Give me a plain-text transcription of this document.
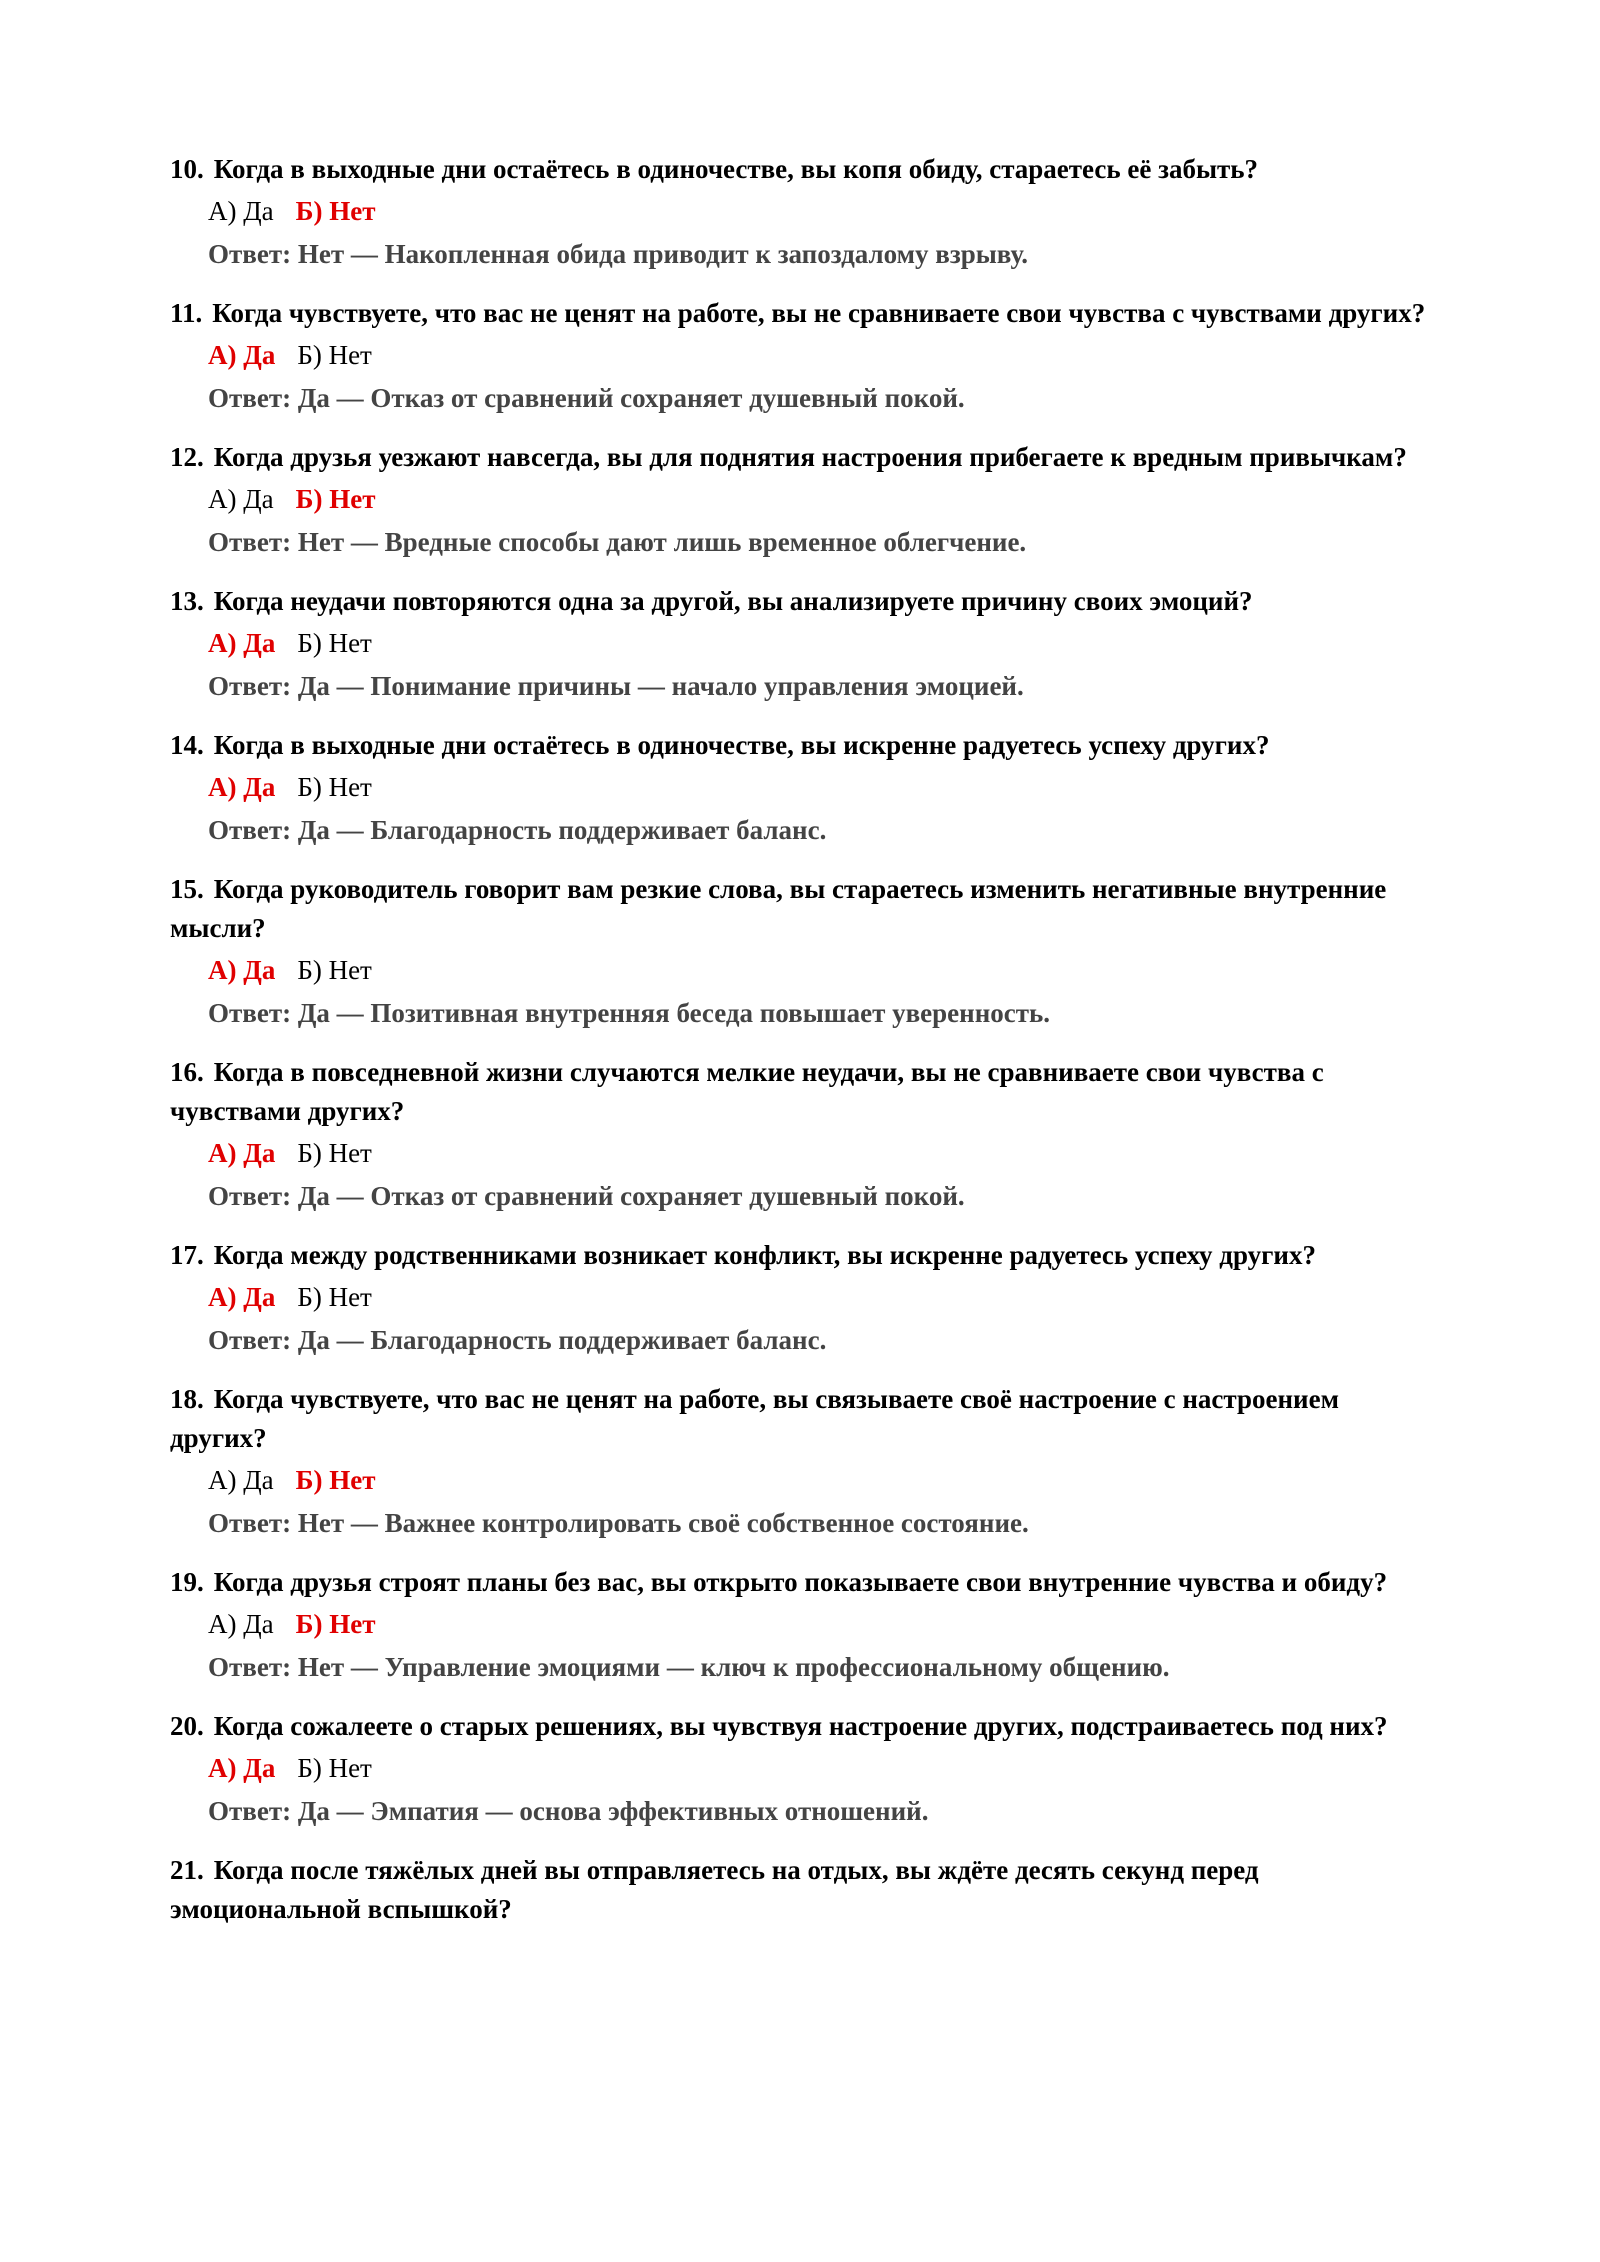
10. Когда в выходные дни остаётесь в одиночестве, вы копя обиду, стараетесь её забыть?

А) Да Б) Нет
Ответ: Нет — Накопленная обида приводит к запоздалому взрыву.

11. Когда чувствуете, что вас не ценят на работе, вы не сравниваете свои чувства с чувствами других?

А) Да Б) Нет
Ответ: Да — Отказ от сравнений сохраняет душевный покой.

12. Когда друзья уезжают навсегда, вы для поднятия настроения прибегаете к вредным привычкам?

А) Да Б) Нет
Ответ: Нет — Вредные способы дают лишь временное облегчение.

13. Когда неудачи повторяются одна за другой, вы анализируете причину своих эмоций?

А) Да Б) Нет
Ответ: Да — Понимание причины — начало управления эмоцией.

14. Когда в выходные дни остаётесь в одиночестве, вы искренне радуетесь успеху других?

А) Да Б) Нет
Ответ: Да — Благодарность поддерживает баланс.

15. Когда руководитель говорит вам резкие слова, вы стараетесь изменить негативные внутренние мысли?

А) Да Б) Нет
Ответ: Да — Позитивная внутренняя беседа повышает уверенность.

16. Когда в повседневной жизни случаются мелкие неудачи, вы не сравниваете свои чувства с чувствами других?

А) Да Б) Нет
Ответ: Да — Отказ от сравнений сохраняет душевный покой.

17. Когда между родственниками возникает конфликт, вы искренне радуетесь успеху других?

А) Да Б) Нет
Ответ: Да — Благодарность поддерживает баланс.

18. Когда чувствуете, что вас не ценят на работе, вы связываете своё настроение с настроением других?

А) Да Б) Нет
Ответ: Нет — Важнее контролировать своё собственное состояние.

19. Когда друзья строят планы без вас, вы открыто показываете свои внутренние чувства и обиду?

А) Да Б) Нет
Ответ: Нет — Управление эмоциями — ключ к профессиональному общению.

20. Когда сожалеете о старых решениях, вы чувствуя настроение других, подстраиваетесь под них?

А) Да Б) Нет
Ответ: Да — Эмпатия — основа эффективных отношений.

21. Когда после тяжёлых дней вы отправляетесь на отдых, вы ждёте десять секунд перед эмоциональной вспышкой?
